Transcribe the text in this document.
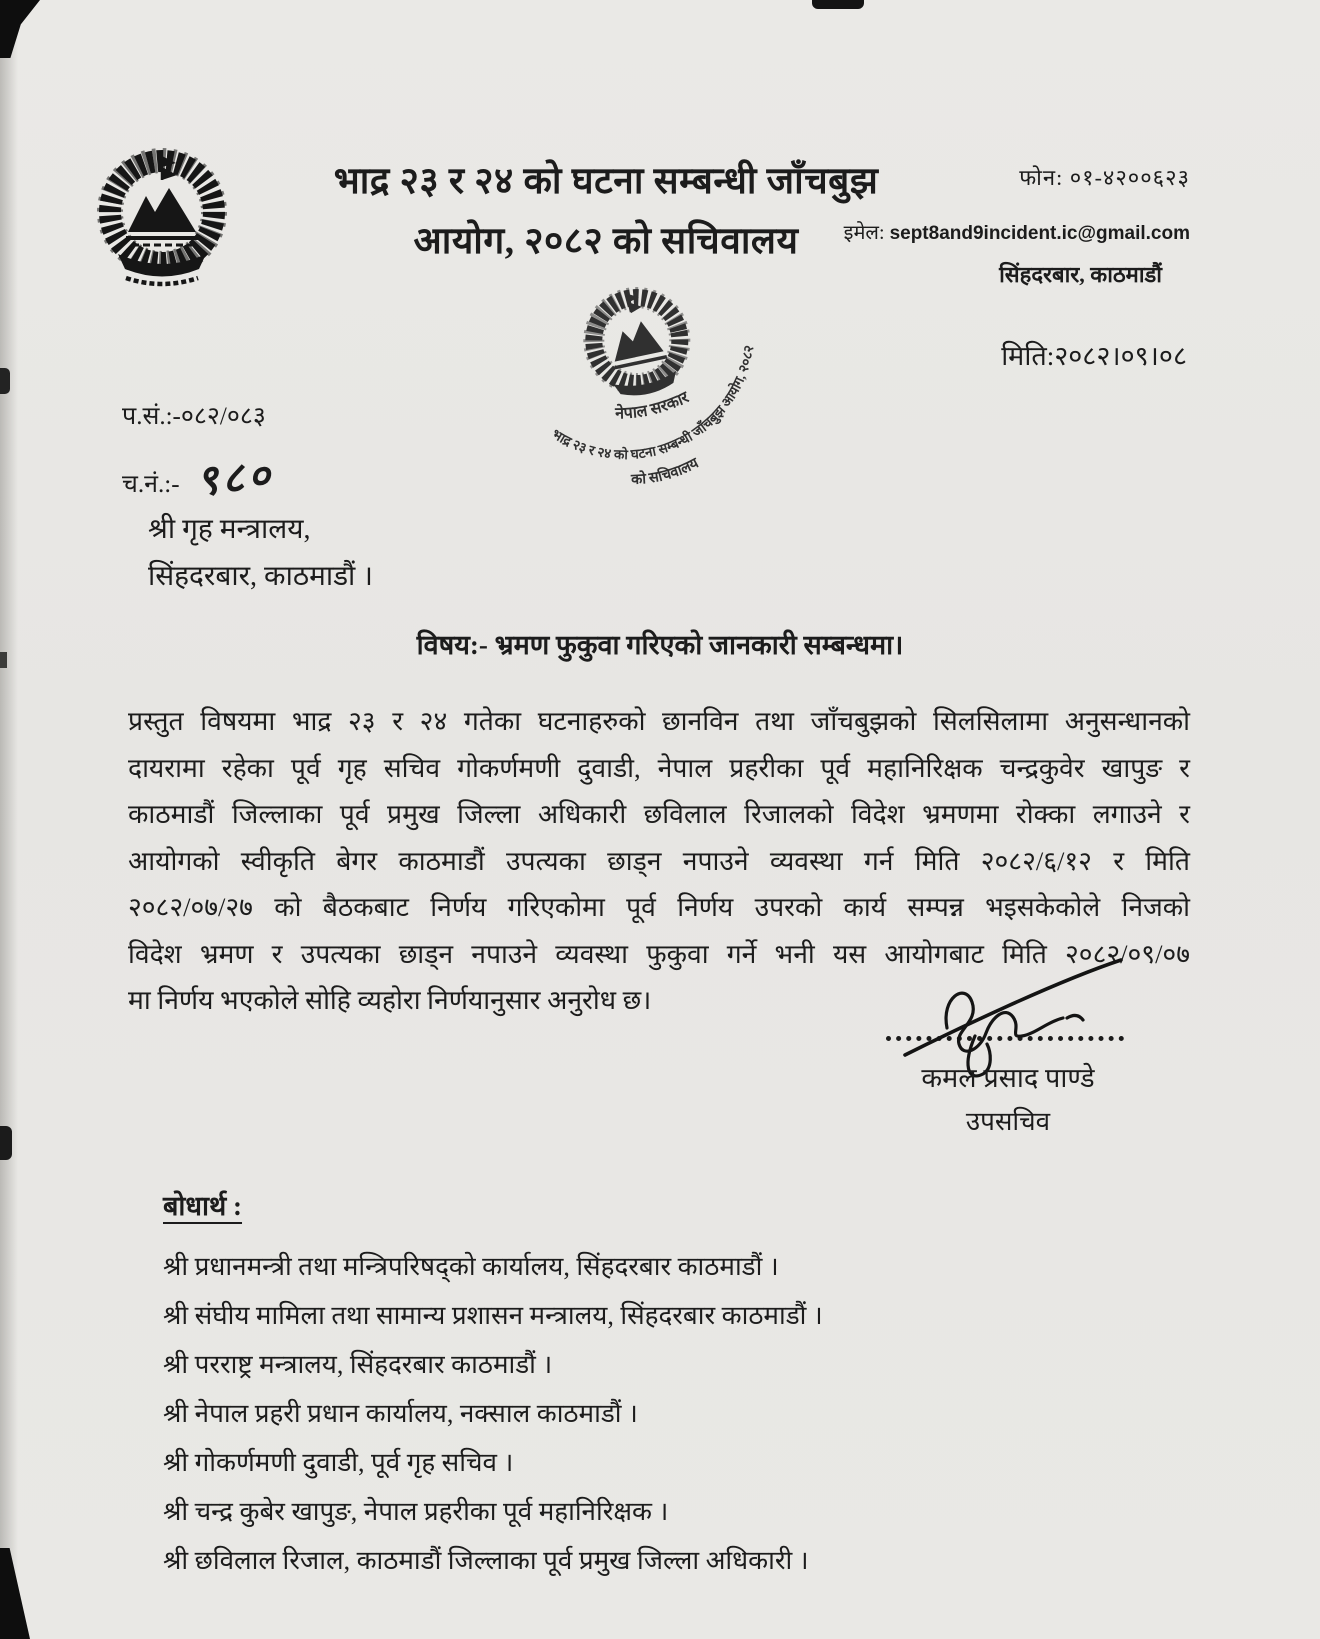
भाद्र २३ र २४ को घटना सम्बन्धी जाँचबुझ
आयोग, २०८२ को सचिवालय
फोन: ०१-४२००६२३
इमेल: sept8and9incident.ic@gmail.com
सिंहदरबार, काठमाडौं
मिति:२०८२।०९।०८
नेपाल सरकार
भाद्र २३ र २४ को घटना सम्बन्धी जाँचबुझ आयोग, २०८२
को सचिवालय
प.सं.:-०८२/०८३
च.नं.:- ९८०
श्री गृह मन्त्रालय,
सिंहदरबार, काठमाडौं ।
विषय:- भ्रमण फुकुवा गरिएको जानकारी सम्बन्धमा।
प्रस्तुत विषयमा भाद्र २३ र २४ गतेका घटनाहरुको छानविन तथा जाँचबुझको सिलसिलामा अनुसन्धानको
दायरामा रहेका पूर्व गृह सचिव गोकर्णमणी दुवाडी, नेपाल प्रहरीका पूर्व महानिरिक्षक चन्द्रकुवेर खापुङ र
काठमाडौं जिल्लाका पूर्व प्रमुख जिल्ला अधिकारी छविलाल रिजालको विदेश भ्रमणमा रोक्का लगाउने र
आयोगको स्वीकृति बेगर काठमाडौं उपत्यका छाड्न नपाउने व्यवस्था गर्न मिति २०८२/६/१२ र मिति
२०८२/०७/२७ को बैठकबाट निर्णय गरिएकोमा पूर्व निर्णय उपरको कार्य सम्पन्न भइसकेकोले निजको
विदेश भ्रमण र उपत्यका छाड्न नपाउने व्यवस्था फुकुवा गर्ने भनी यस आयोगबाट मिति २०८२/०९/०७
मा निर्णय भएकोले सोहि व्यहोरा निर्णयानुसार अनुरोध छ।
कमल प्रसाद पाण्डे
उपसचिव
बोधार्थ :
श्री प्रधानमन्त्री तथा मन्त्रिपरिषद्को कार्यालय, सिंहदरबार काठमाडौं ।
श्री संघीय मामिला तथा सामान्य प्रशासन मन्त्रालय, सिंहदरबार काठमाडौं ।
श्री परराष्ट्र मन्त्रालय, सिंहदरबार काठमाडौं ।
श्री नेपाल प्रहरी प्रधान कार्यालय, नक्साल काठमाडौं ।
श्री गोकर्णमणी दुवाडी, पूर्व गृह सचिव ।
श्री चन्द्र कुबेर खापुङ, नेपाल प्रहरीका पूर्व महानिरिक्षक ।
श्री छविलाल रिजाल, काठमाडौं जिल्लाका पूर्व प्रमुख जिल्ला अधिकारी ।
